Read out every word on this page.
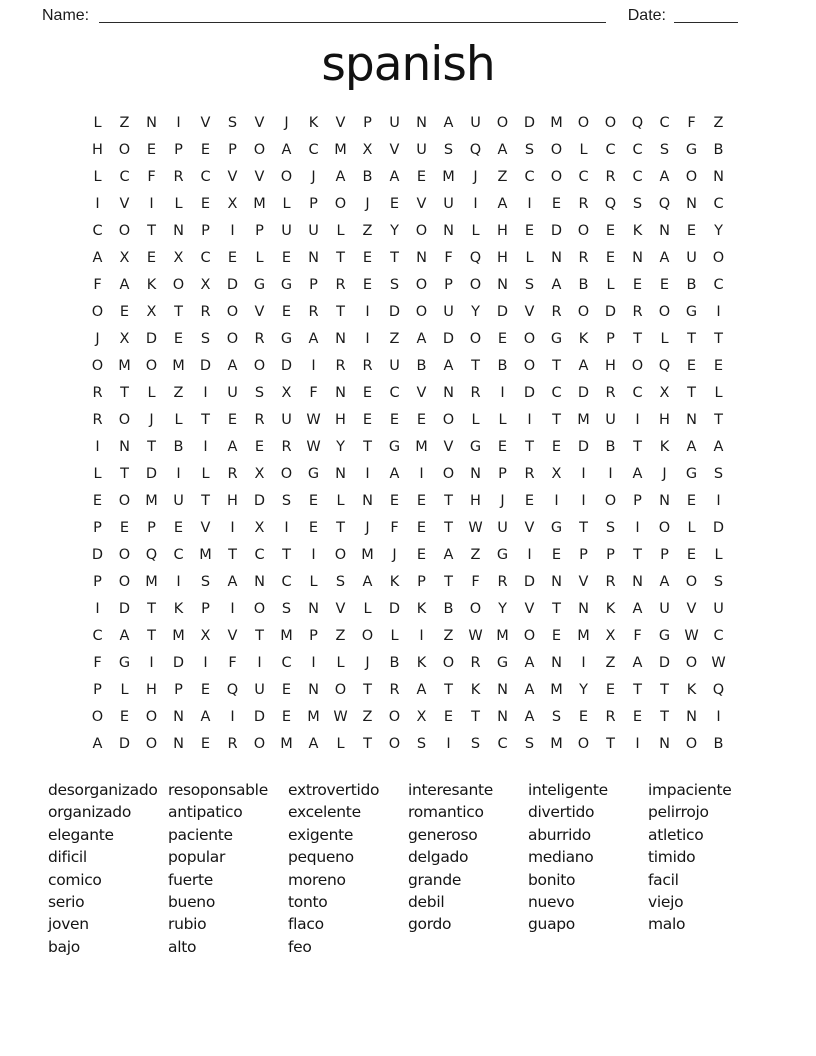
Name:	Date:
spanish
L	Z	N	I	V	S	V	J	K	V	P	U	N	A	U	O	D	M	O	O	Q	C	F	Z
H	O	E	P	E	P	O	A	C	M	X	V	U	S	Q	A	S	O	L	C	C	S	G	B
L	C	F	R	C	V	V	O	J	A	B	A	E	M	J	Z	C	O	C	R	C	A	O	N
I	V	I	L	E	X	M	L	P	O	J	E	V	U	I	A	I	E	R	Q	S	Q	N	C
C	O	T	N	P	I	P	U	U	L	Z	Y	O	N	L	H	E	D	O	E	K	N	E	Y
A	X	E	X	C	E	L	E	N	T	E	T	N	F	Q	H	L	N	R	E	N	A	U	O
F	A	K	O	X	D	G	G	P	R	E	S	O	P	O	N	S	A	B	L	E	E	B	C
O	E	X	T	R	O	V	E	R	T	I	D	O	U	Y	D	V	R	O	D	R	O	G	I
J	X	D	E	S	O	R	G	A	N	I	Z	A	D	O	E	O	G	K	P	T	L	T	T
O	M	O	M	D	A	O	D	I	R	R	U	B	A	T	B	O	T	A	H	O	Q	E	E
R	T	L	Z	I	U	S	X	F	N	E	C	V	N	R	I	D	C	D	R	C	X	T	L
R	O	J	L	T	E	R	U	W H	E	E	E	O	L	L	I	T	M	U	I	H	N	T
I	N	T	B	I	A	E	R	W	Y	T	G	M	V	G	E	T	E	D	B	T	K	A	A
L	T	D	I	L	R	X	O	G	N	I	A	I	O	N	P	R	X	I	I	A	J	G	S
E	O	M	U	T	H	D	S	E	L	N	E	E	T	H	J	E	I	I	O	P	N	E	I
P	E	P	E	V	I	X	I	E	T	J	F	E	T	W	U	V	G	T	S	I	O	L	D
D	O	Q	C	M	T	C	T	I	O	M	J	E	A	Z	G	I	E	P	P	T	P	E	L
P	O	M	I	S	A	N	C	L	S	A	K	P	T	F	R	D	N	V	R	N	A	O	S
I	D	T	K	P	I	O	S	N	V	L	D	K	B	O	Y	V	T	N	K	A	U	V	U
C	A	T	M	X	V	T	M	P	Z	O	L	I	Z	W M	O	E	M	X	F	G W	C
F	G	I	D	I	F	I	C	I	L	J	B	K	O	R	G	A	N	I	Z	A	D	O W
P	L	H	P	E	Q	U	E	N	O	T	R	A	T	K	N	A	M	Y	E	T	T	K	Q
O	E	O	N	A	I	D	E	M W	Z	O	X	E	T	N	A	S	E	R	E	T	N	I
A	D	O	N	E	R	O	M	A	L	T	O	S	I	S	C	S	M	O	T	I	N	O	B
desorganizado
organizado
elegante
dificil
comico
serio
joven
bajo
resoponsable
antipatico
paciente
popular
fuerte
bueno
rubio
alto
extrovertido
excelente
exigente
pequeno
moreno
tonto
flaco
feo
interesante
romantico
generoso
delgado
grande
debil
gordo
inteligente
divertido
aburrido
mediano
bonito
nuevo
guapo
impaciente
pelirrojo
atletico
timido
facil
viejo
malo
